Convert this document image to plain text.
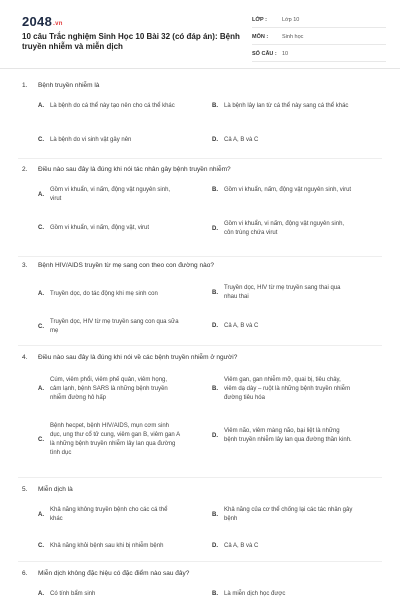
2048.vn
10 câu Trắc nghiệm Sinh Học 10 Bài 32 (có đáp án): Bệnh truyền nhiễm và miễn dịch
LỚP :	Lớp 10
MÔN :	Sinh học
SỐ CÂU : 10
1. Bệnh truyền nhiễm là
A.	Là bệnh do cá thể này tạo nên cho cá thể khác	B.	Là bệnh lây lan từ cá thể này sang cá thể khác
C.	Là bệnh do vi sinh vật gây nên	D.	Cả A, B và C
2. Điều nào sau đây là đúng khi nói tác nhân gây bệnh truyền nhiễm?
A.
Gồm vi khuẩn, vi nấm, động vật nguyên sinh, virut
B.	Gồm vi khuẩn, nấm, động vật nguyên sinh, virut
C.	Gồm vi khuẩn, vi nấm, động vật, virut	D.
Gồm vi khuẩn, vi nấm, động vật nguyên sinh, côn trùng chứa virut
3. Bệnh HIV/AIDS truyền từ mẹ sang con theo con đường nào?
A.	Truyền dọc, do tác động khi mẹ sinh con	B.
Truyền dọc, HIV từ mẹ truyền sang thai qua nhau thai
C.
Truyền dọc, HIV từ mẹ truyền sang con qua sữa mẹ
D.	Cả A, B và C
4. Điều nào sau đây là đúng khi nói về các bệnh truyền nhiễm ở người?
A.
Cúm, viêm phổi, viêm phế quản, viêm họng, cảm lạnh, bệnh SARS là những bệnh truyền nhiễm đường hô hấp
B.
Viêm gan, gan nhiễm mỡ, quai bị, tiêu chảy, viêm dạ dày – ruột là những bệnh truyền nhiễm đường tiêu hóa
C.
Bệnh hecpet, bệnh HIV/AIDS, mụn cơm sinh dục, ung thư cổ tử cung, viêm gan B, viêm gan A là những bệnh truyền nhiễm lây lan qua đường tình dục
D.
Viêm não, viêm màng não, bại liệt là những bệnh truyền nhiễm lây lan qua đường thần kinh.
5. Miễn dịch là
A.
Khả năng không truyền bệnh cho các cá thể khác
B.
Khả năng của cơ thể chống lại các tác nhân gây bệnh
C.	Khả năng khỏi bệnh sau khi bị nhiễm bệnh	D.	Cả A, B và C
6. Miễn dịch không đặc hiệu có đặc điểm nào sau đây?
A.	Có tính bẩm sinh	B.	Là miễn dịch học được
